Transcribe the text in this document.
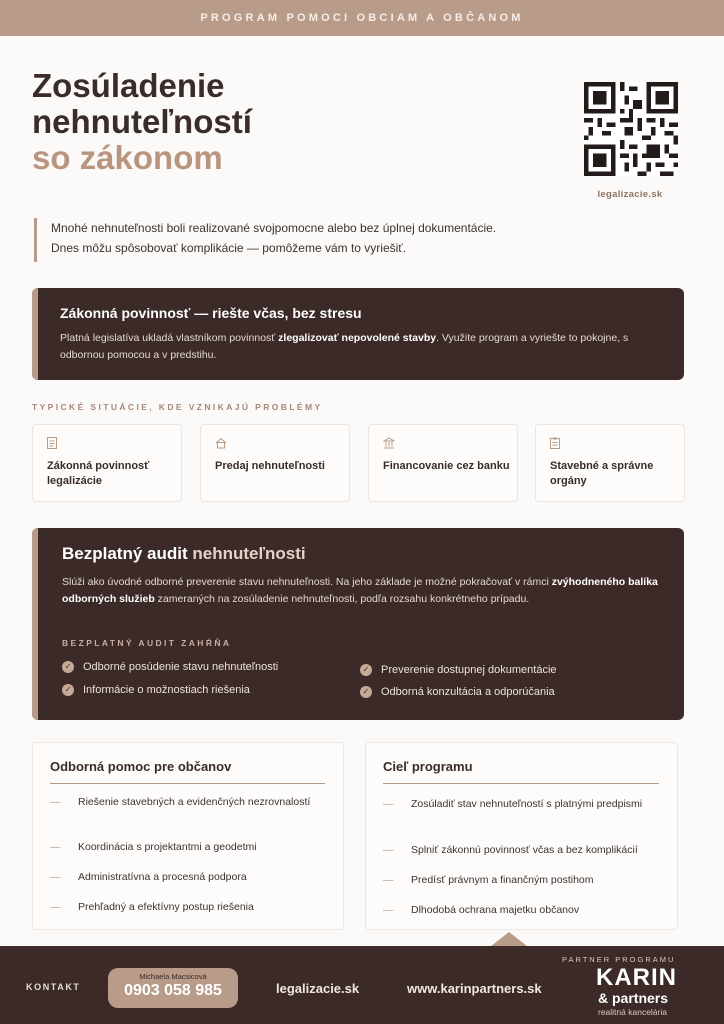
PROGRAM POMOCI OBCIAM A OBČANOM
Zosúladenie
nehnuteľností
so zákonom
legalizacie.sk
Mnohé nehnuteľnosti boli realizované svojpomocne alebo bez úplnej dokumentácie.
Dnes môžu spôsobovať komplikácie — pomôžeme vám to vyriešiť.
Zákonná povinnosť — riešte včas, bez stresu

Platná legislatíva ukladá vlastníkom povinnosť zlegalizovať nepovolené stavby. Využite program a vyriešte to pokojne, s odbornou pomocou a v predstihu.

TYPICKÉ SITUÁCIE, KDE VZNIKAJÚ PROBLÉMY
Zákonná povinnosť legalizácie
Predaj nehnuteľnosti	Financovanie cez banku	Stavebné a správne orgány
Bezplatný audit nehnuteľnosti

Slúži ako úvodné odborné preverenie stavu nehnuteľnosti. Na jeho základe je možné pokračovať v rámci zvýhodneného balíka odborných služieb zameraných na zosúladenie nehnuteľnosti, podľa rozsahu konkrétneho prípadu.

BEZPLATNÝ AUDIT ZAHŔŇA
✓ Odborné posúdenie stavu nehnuteľnosti
✓ Informácie o možnostiach riešenia
✓ Preverenie dostupnej dokumentácie
✓ Odborná konzultácia a odporúčania
Odborná pomoc pre občanov
—	Riešenie stavebných a evidenčných nezrovnalostí
—	Koordinácia s projektantmi a geodetmi
—	Administratívna a procesná podpora
—	Prehľadný a efektívny postup riešenia
Cieľ programu
—	Zosúladiť stav nehnuteľností s platnými predpismi
—	Splniť zákonnú povinnosť včas a bez komplikácií
—	Predísť právnym a finančným postihom
—	Dlhodobá ochrana majetku občanov
KONTAKT
Michaela Macsicová
0903 058 985	legalizacie.sk	www.karinpartners.sk
PARTNER PROGRAMU
KARIN
& partners
realitná kancelária
